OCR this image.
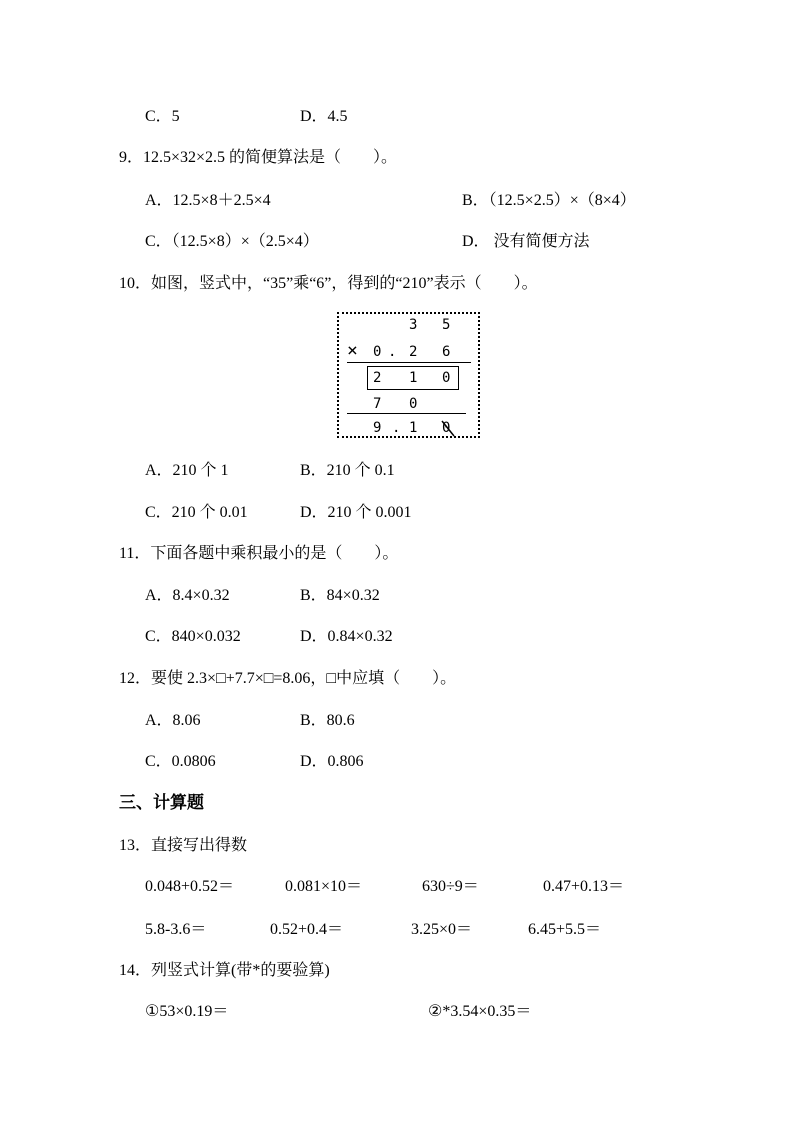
C．5	D．4.5
9．12.5×32×2.5 的简便算法是（　　）。
A．12.5×8＋2.5×4	B．（12.5×2.5）×（8×4）
C．（12.5×8）×（2.5×4）	D． 没有简便方法
10．如图，竖式中，“35”乘“6”，得到的“210”表示（　　）。
3 5
× 0 . 2 6
2 1 0
7 0
9 . 1 0
A．210 个 1	B．210 个 0.1
C．210 个 0.01	D．210 个 0.001
11．下面各题中乘积最小的是（　　）。
A．8.4×0.32	B．84×0.32
C．840×0.032	D．0.84×0.32
12．要使 2.3×□+7.7×□=8.06，□中应填（　　）。
A．8.06	B．80.6
C．0.0806	D．0.806
三、计算题
13．直接写出得数
0.048+0.52＝	0.081×10＝	630÷9＝	0.47+0.13＝
5.8-3.6＝	0.52+0.4＝	3.25×0＝	6.45+5.5＝
14．列竖式计算(带*的要验算)
①53×0.19＝	②*3.54×0.35＝
